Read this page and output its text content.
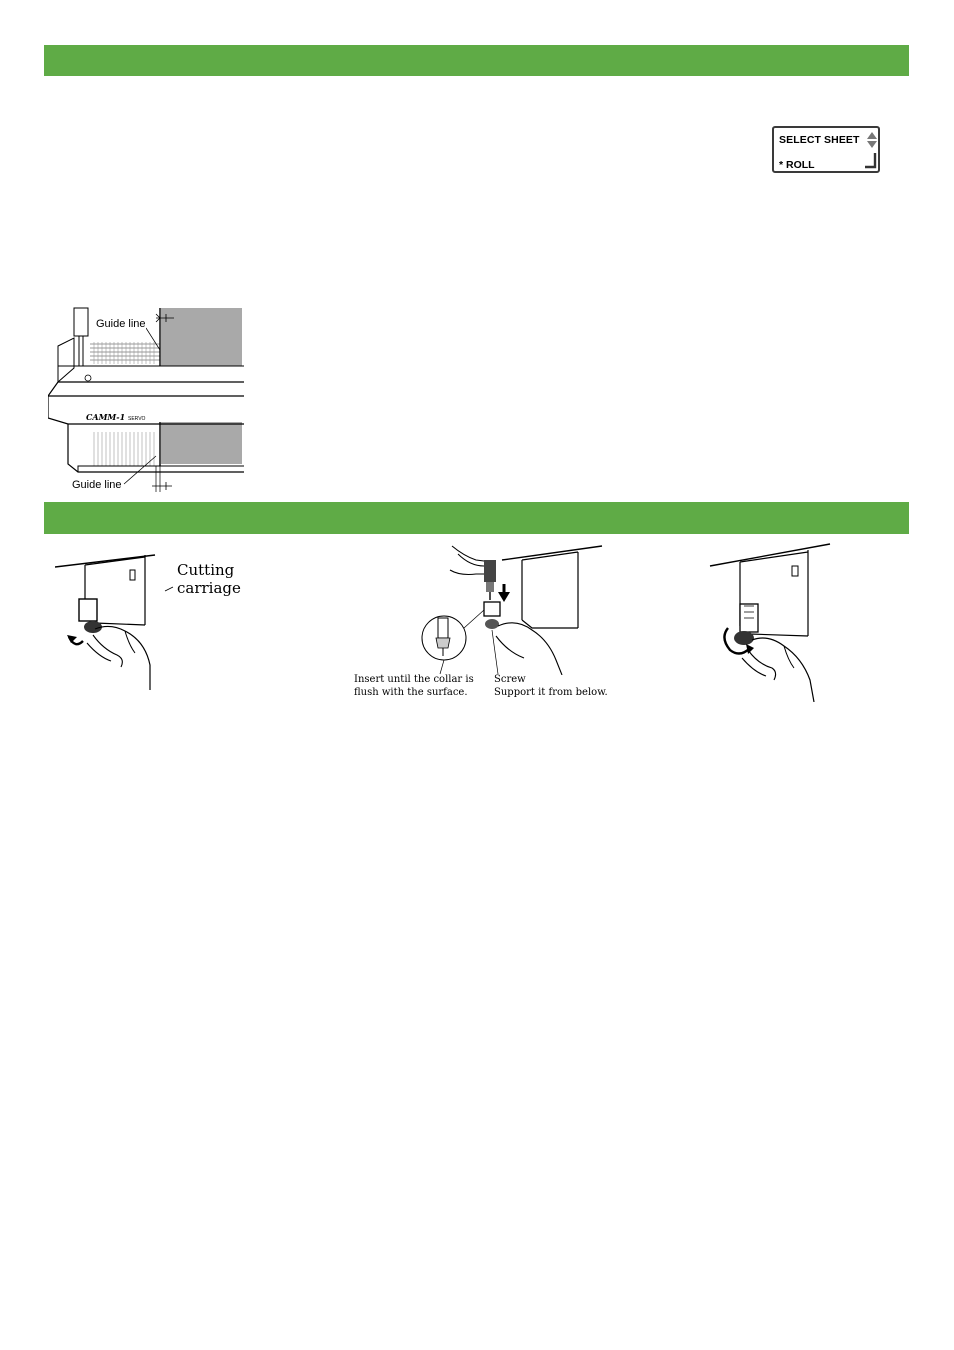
SELECT SHEET
* ROLL
CAMM-1 SERVO
Guide line
Guide line
Cutting carriage
Insert until the collar is
flush with the surface.
Screw
Support it from below.
